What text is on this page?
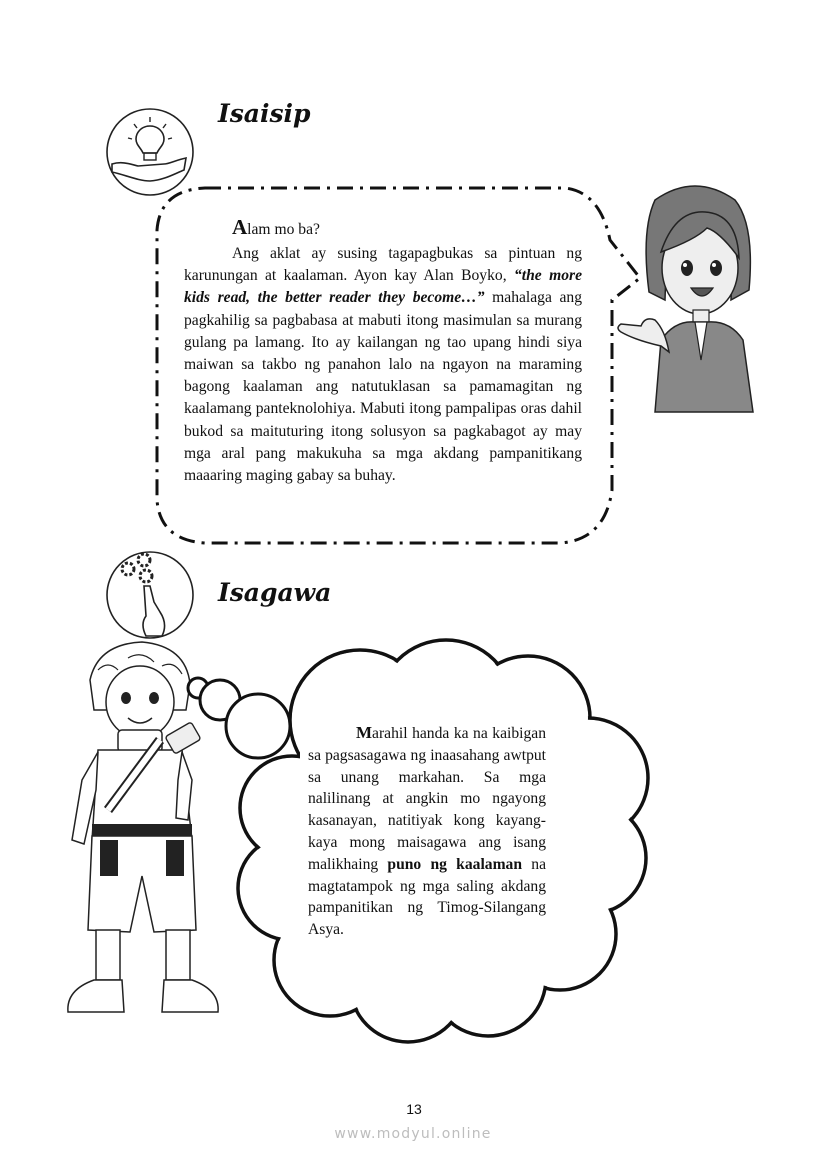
Isaisip
Alam mo ba?
Ang aklat ay susing tagapagbukas sa pintuan ng karunungan at kaalaman. Ayon kay Alan Boyko, “the more kids read, the better reader they become…” mahalaga ang pagkahilig sa pagbabasa at mabuti itong masimulan sa murang gulang pa lamang. Ito ay kailangan ng tao upang hindi siya maiwan sa takbo ng panahon lalo na ngayon na maraming bagong kaalaman ang natutuklasan sa pamamagitan ng kaalamang panteknolohiya. Mabuti itong pampalipas oras dahil bukod sa maituturing itong solusyon sa pagkabagot ay may mga aral pang makukuha sa mga akdang pampanitikang maaaring maging gabay sa buhay.
Isagawa
Marahil handa ka na kaibigan sa pagsasagawa ng inaasahang awtput sa unang markahan. Sa mga nalilinang at angkin mo ngayong kasanayan, natitiyak kong kayang-kaya mong maisagawa ang isang malikhaing puno ng kaalaman na magtatampok ng mga saling akdang pampanitikan ng Timog-Silangang Asya.
13
www.modyul.online
